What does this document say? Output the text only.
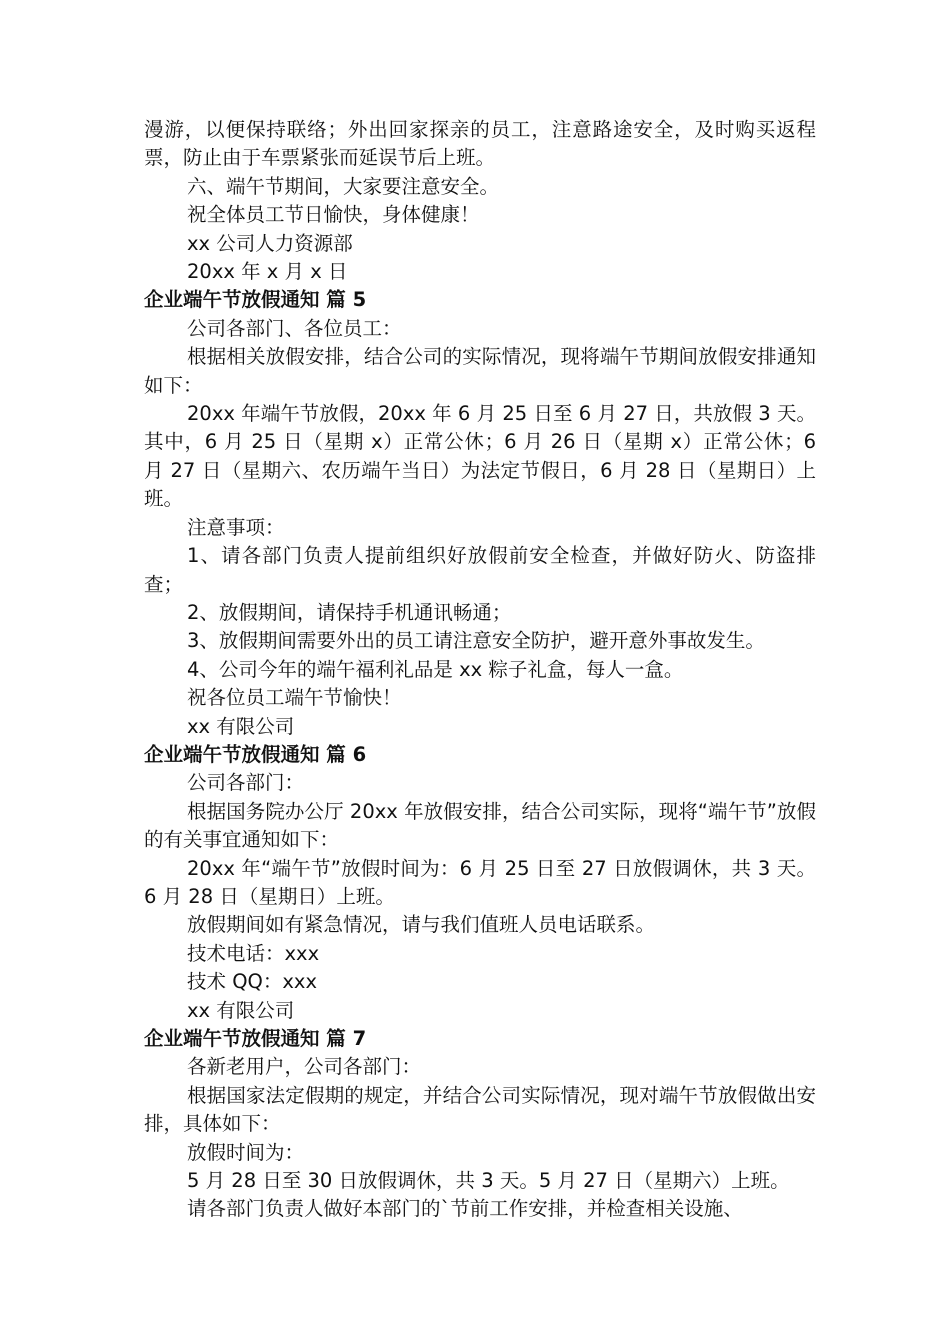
漫游，以便保持联络；外出回家探亲的员工，注意路途安全，及时购买返程票，防止由于车票紧张而延误节后上班。

六、端午节期间，大家要注意安全。

祝全体员工节日愉快，身体健康！

xx 公司人力资源部

20xx 年 x 月 x 日

企业端午节放假通知 篇 5

公司各部门、各位员工：

根据相关放假安排，结合公司的实际情况，现将端午节期间放假安排通知如下：

20xx 年端午节放假，20xx 年 6 月 25 日至 6 月 27 日，共放假 3 天。其中，6 月 25 日（星期 x）正常公休；6 月 26 日（星期 x）正常公休；6 月 27 日（星期六、农历端午当日）为法定节假日，6 月 28 日（星期日）上班。

注意事项：

1、请各部门负责人提前组织好放假前安全检查，并做好防火、防盗排查；

2、放假期间，请保持手机通讯畅通；

3、放假期间需要外出的员工请注意安全防护，避开意外事故发生。

4、公司今年的端午福利礼品是 xx 粽子礼盒，每人一盒。

祝各位员工端午节愉快！

xx 有限公司

企业端午节放假通知 篇 6

公司各部门：

根据国务院办公厅 20xx 年放假安排，结合公司实际，现将“端午节”放假的有关事宜通知如下：

20xx 年“端午节”放假时间为：6 月 25 日至 27 日放假调休，共 3 天。6 月 28 日（星期日）上班。

放假期间如有紧急情况，请与我们值班人员电话联系。

技术电话：xxx

技术 QQ：xxx

xx 有限公司

企业端午节放假通知 篇 7

各新老用户，公司各部门：

根据国家法定假期的规定，并结合公司实际情况，现对端午节放假做出安排，具体如下：

放假时间为：

5 月 28 日至 30 日放假调休，共 3 天。5 月 27 日（星期六）上班。

请各部门负责人做好本部门的`节前工作安排，并检查相关设施、
